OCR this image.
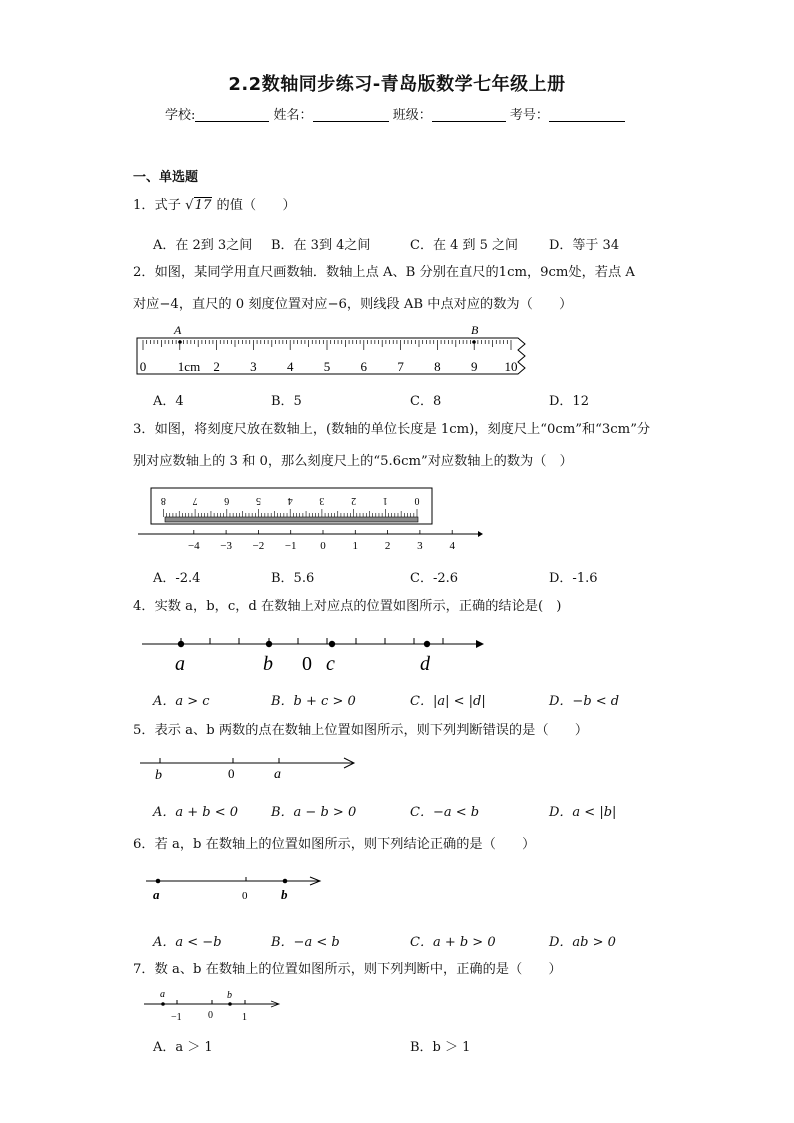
2.2数轴同步练习-青岛版数学七年级上册
学校:	姓名：	班级：	考号：
一、单选题
1．式子 √17 的值（　　）
A．在 2到 3之间 B．在 3到 4之间	C．在 4 到 5 之间 D．等于 34
2．如图，某同学用直尺画数轴．数轴上点 A、B 分别在直尺的1cm，9cm处，若点 A
对应−4，直尺的 0 刻度位置对应−6，则线段 AB 中点对应的数为（　　）
A	B
0 1cm 2 3 4 5 6 7 8 9 10
A．4	B．5	C．8	D．12
3．如图，将刻度尺放在数轴上，(数轴的单位长度是 1cm)，刻度尺上“0cm”和“3cm”分
别对应数轴上的 3 和 0，那么刻度尺上的“5.6cm”对应数轴上的数为（　）
8	7	6	5	4	3	2	1	0
−4 −3 −2 −1 0 1 2 3 4
A．-2.4	B．5.6	C．-2.6	D．-1.6
4．实数 a，b，c，d 在数轴上对应点的位置如图所示，正确的结论是(　)
a	b 0 c	d
A．a > c	B．b + c > 0	C．|a| < |d|	D．−b < d
5．表示 a、b 两数的点在数轴上位置如图所示，则下列判断错误的是（　　）
b	0	a
A．a + b < 0	B．a − b > 0	C．−a < b	D．a < |b|
6．若 a，b 在数轴上的位置如图所示，则下列结论正确的是（　　）
a	0	b
A．a < −b	B．−a < b	C．a + b > 0	D．ab > 0
7．数 a、b 在数轴上的位置如图所示，则下列判断中，正确的是（　　）
a	b
−1	0	1
A．a ＞ 1	B．b ＞ 1
